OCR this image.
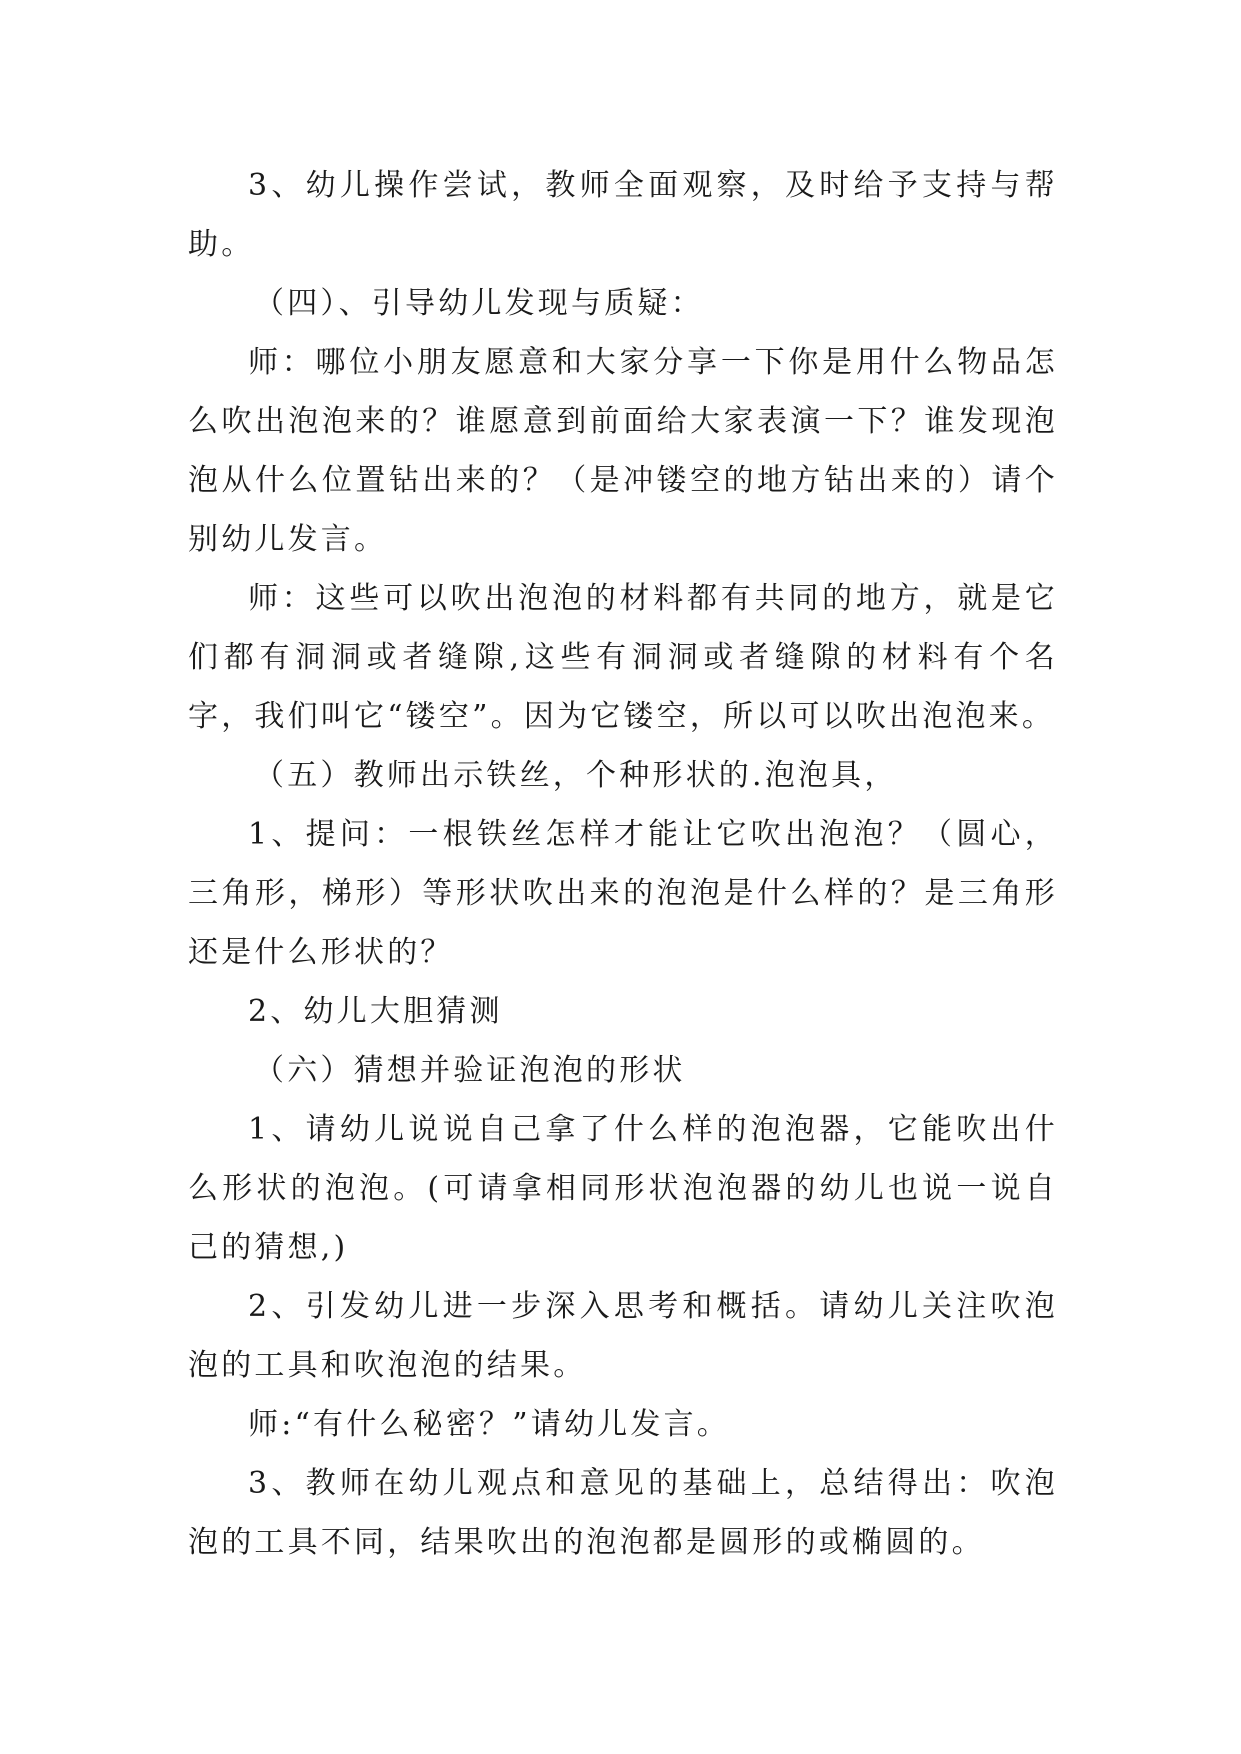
3、幼儿操作尝试，教师全面观察，及时给予支持与帮助。

（四）、引导幼儿发现与质疑：

师：哪位小朋友愿意和大家分享一下你是用什么物品怎么吹出泡泡来的？谁愿意到前面给大家表演一下？谁发现泡泡从什么位置钻出来的？（是冲镂空的地方钻出来的）请个别幼儿发言。

师：这些可以吹出泡泡的材料都有共同的地方，就是它们都有洞洞或者缝隙,这些有洞洞或者缝隙的材料有个名字，我们叫它“镂空”。因为它镂空，所以可以吹出泡泡来。

（五）教师出示铁丝，个种形状的.泡泡具，

1、提问：一根铁丝怎样才能让它吹出泡泡？（圆心，三角形，梯形）等形状吹出来的泡泡是什么样的？是三角形还是什么形状的？

2、幼儿大胆猜测

（六）猜想并验证泡泡的形状

1、请幼儿说说自己拿了什么样的泡泡器，它能吹出什么形状的泡泡。(可请拿相同形状泡泡器的幼儿也说一说自己的猜想,)

2、引发幼儿进一步深入思考和概括。请幼儿关注吹泡泡的工具和吹泡泡的结果。

师:“有什么秘密？”请幼儿发言。

3、教师在幼儿观点和意见的基础上，总结得出：吹泡泡的工具不同，结果吹出的泡泡都是圆形的或椭圆的。
